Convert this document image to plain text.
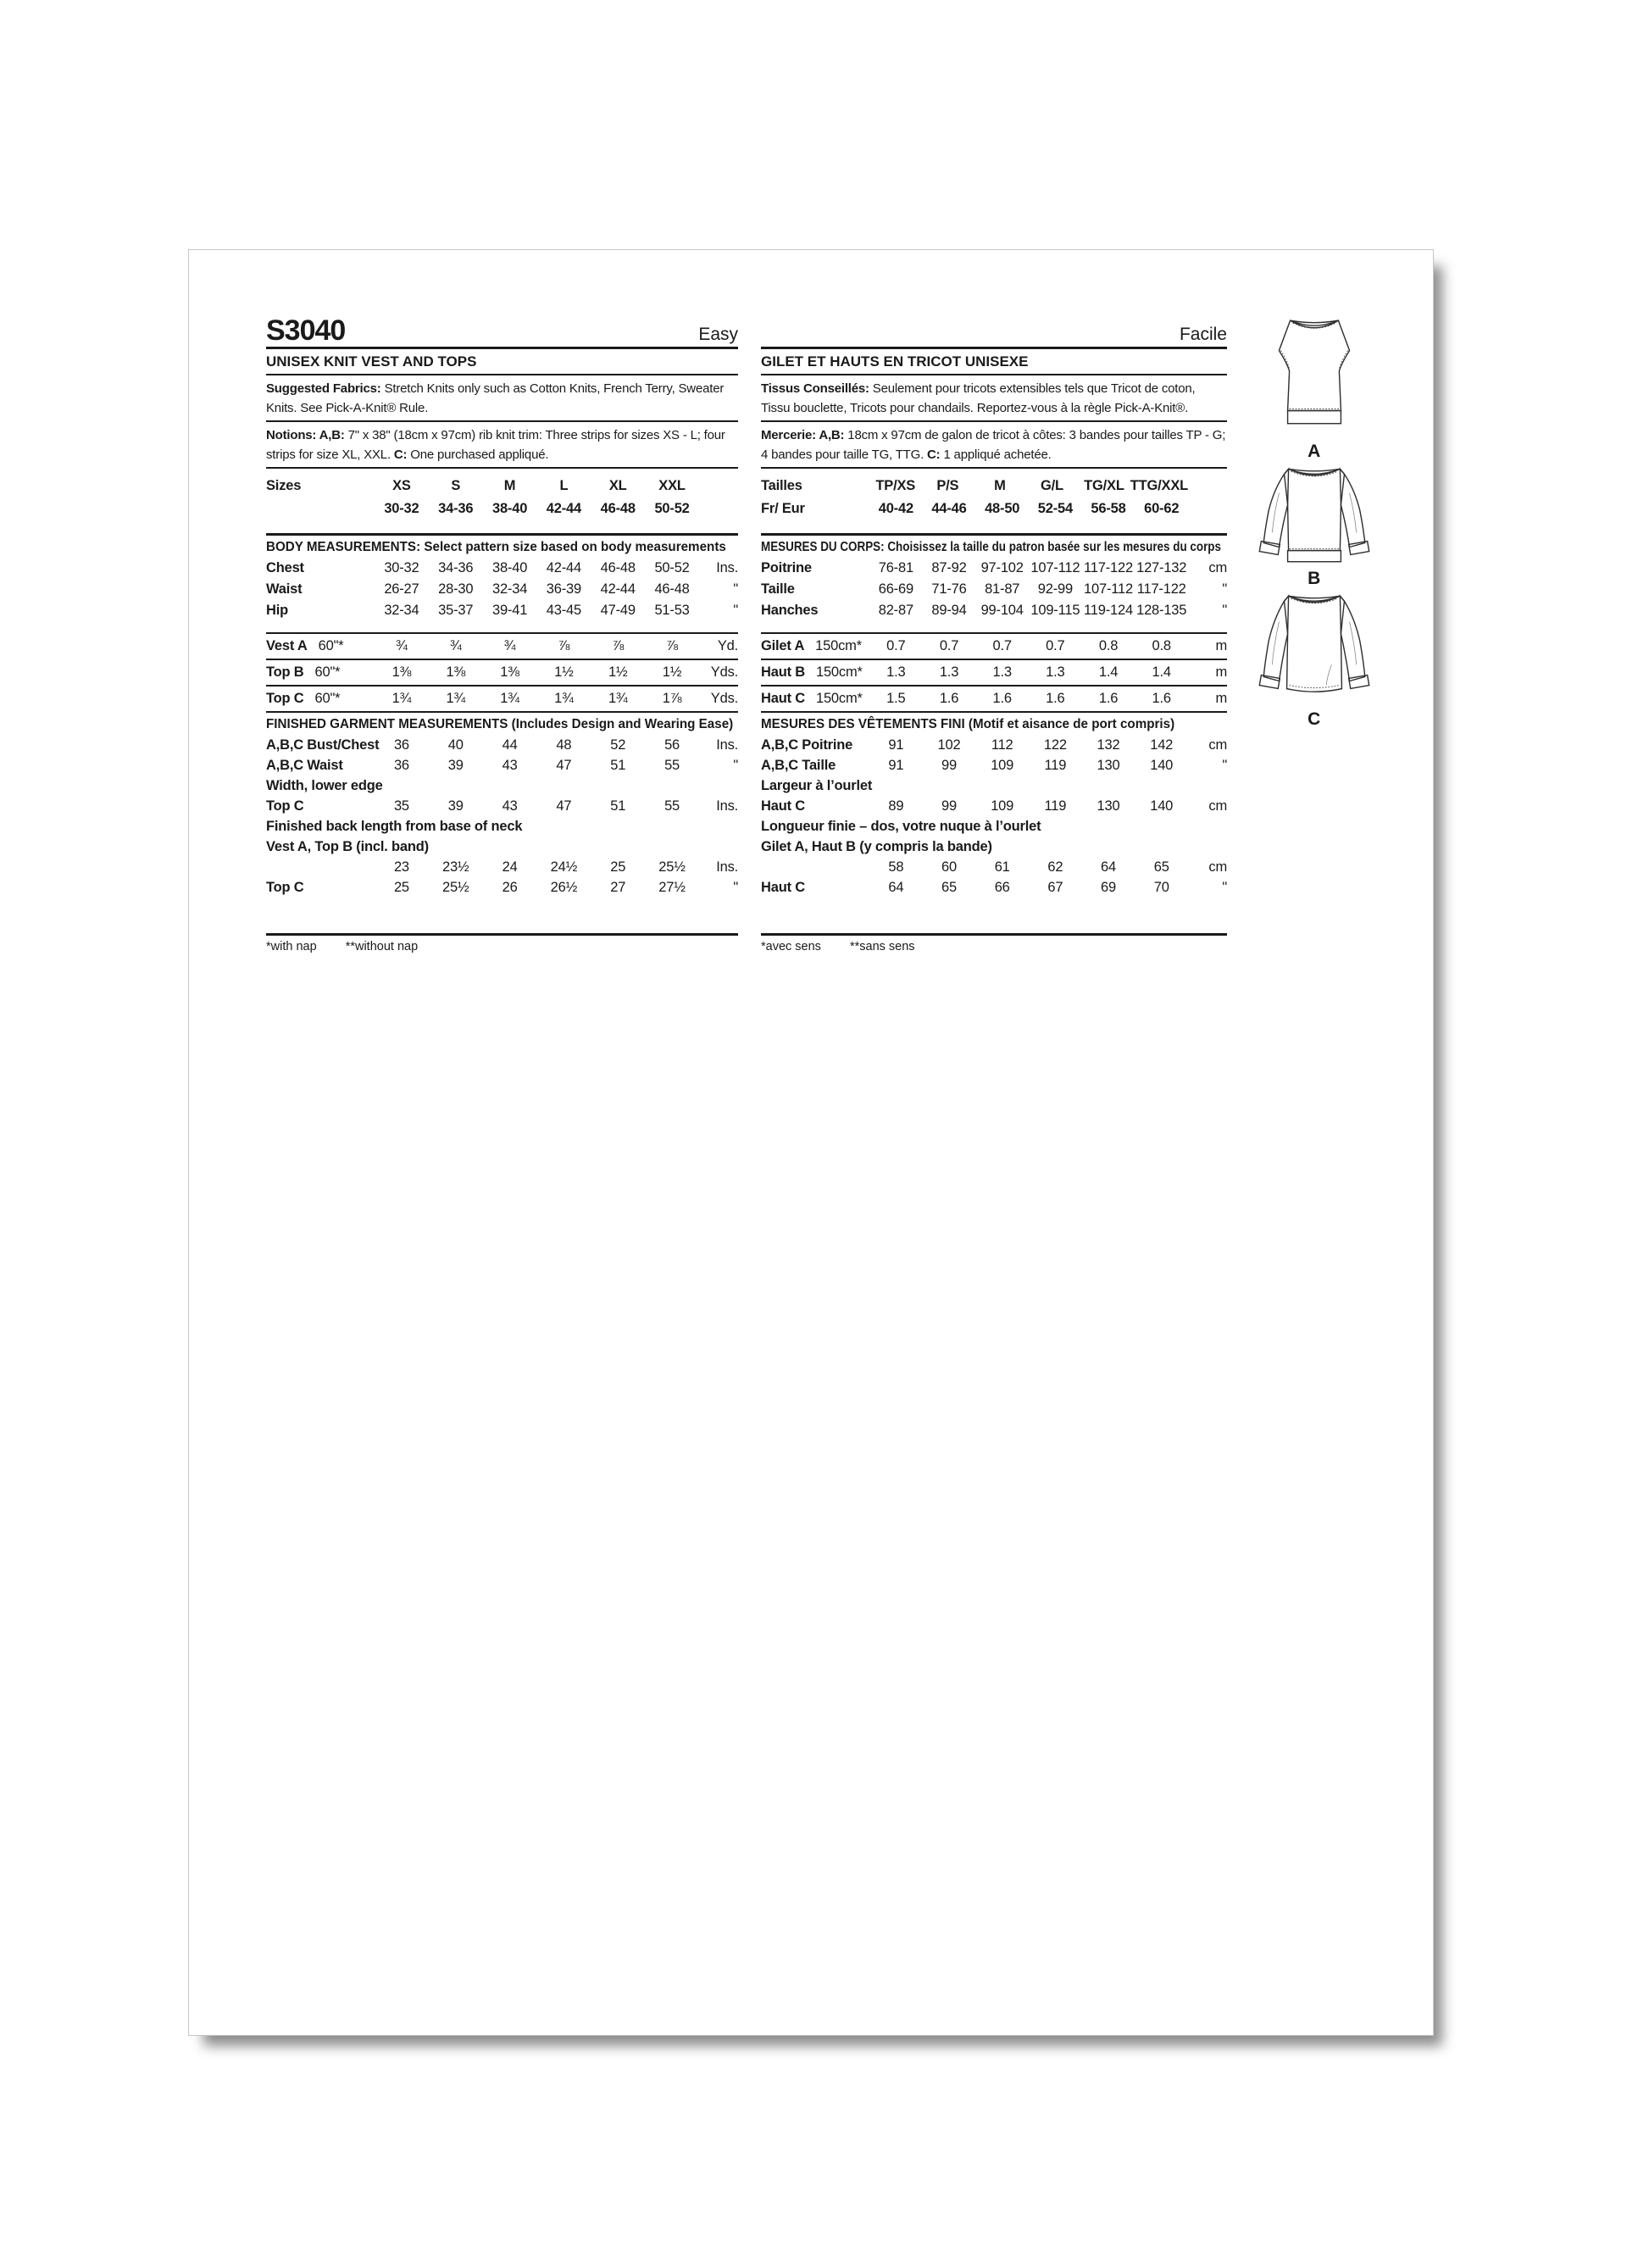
S3040	Easy
UNISEX KNIT VEST AND TOPS
Suggested Fabrics: Stretch Knits only such as Cotton Knits, French Terry, Sweater Knits. See Pick-A-Knit® Rule.
Notions: A,B: 7" x 38" (18cm x 97cm) rib knit trim: Three strips for sizes XS - L; four strips for size XL, XXL. C: One purchased appliqué.
Sizes	XS	S	M	L	XL	XXL
30-32	34-36	38-40	42-44	46-48	50-52
BODY MEASUREMENTS: Select pattern size based on body measurements
Chest	30-32	34-36	38-40	42-44	46-48	50-52	Ins.
Waist	26-27	28-30	32-34	36-39	42-44	46-48	"
Hip	32-34	35-37	39-41	43-45	47-49	51-53	"
Vest A 60"*	¾	¾	¾	⅞	⅞	⅞	Yd.
Top B 60"*	1⅜	1⅜	1⅜	1½	1½	1½	Yds.
Top C 60"*	1¾	1¾	1¾	1¾	1¾	1⅞	Yds.
FINISHED GARMENT MEASUREMENTS (Includes Design and Wearing Ease)
A,B,C Bust/Chest	36	40	44	48	52	56	Ins.
A,B,C Waist	36	39	43	47	51	55	"
Width, lower edge
Top C	35	39	43	47	51	55	Ins.
Finished back length from base of neck
Vest A, Top B (incl. band)
23	23½	24	24½	25	25½	Ins.
Top C	25	25½	26	26½	27	27½	"
*with nap **without nap
Facile
GILET ET HAUTS EN TRICOT UNISEXE
Tissus Conseillés: Seulement pour tricots extensibles tels que Tricot de coton, Tissu bouclette, Tricots pour chandails. Reportez-vous à la règle Pick-A-Knit®.
Mercerie: A,B: 18cm x 97cm de galon de tricot à côtes: 3 bandes pour tailles TP - G; 4 bandes pour taille TG, TTG. C: 1 appliqué achetée.
Tailles	TP/XS	P/S	M	G/L	TG/XL TTG/XXL
Fr/ Eur	40-42	44-46	48-50	52-54	56-58	60-62
MESURES DU CORPS: Choisissez la taille du patron basée sur les mesures du corps
Poitrine	76-81	87-92	97-102 107-112 117-122 127-132	cm
Taille	66-69	71-76	81-87	92-99 107-112 117-122	"
Hanches	82-87	89-94	99-104 109-115 119-124 128-135	"
Gilet A 150cm*	0.7	0.7	0.7	0.7	0.8	0.8	m
Haut B 150cm*	1.3	1.3	1.3	1.3	1.4	1.4	m
Haut C 150cm*	1.5	1.6	1.6	1.6	1.6	1.6	m
MESURES DES VÊTEMENTS FINI (Motif et aisance de port compris)
A,B,C Poitrine	91	102	112	122	132	142	cm
A,B,C Taille	91	99	109	119	130	140	"
Largeur à l’ourlet
Haut C	89	99	109	119	130	140	cm
Longueur finie – dos, votre nuque à l’ourlet
Gilet A, Haut B (y compris la bande)
58	60	61	62	64	65	cm
Haut C	64	65	66	67	69	70	"
*avec sens **sans sens
A
B
C
